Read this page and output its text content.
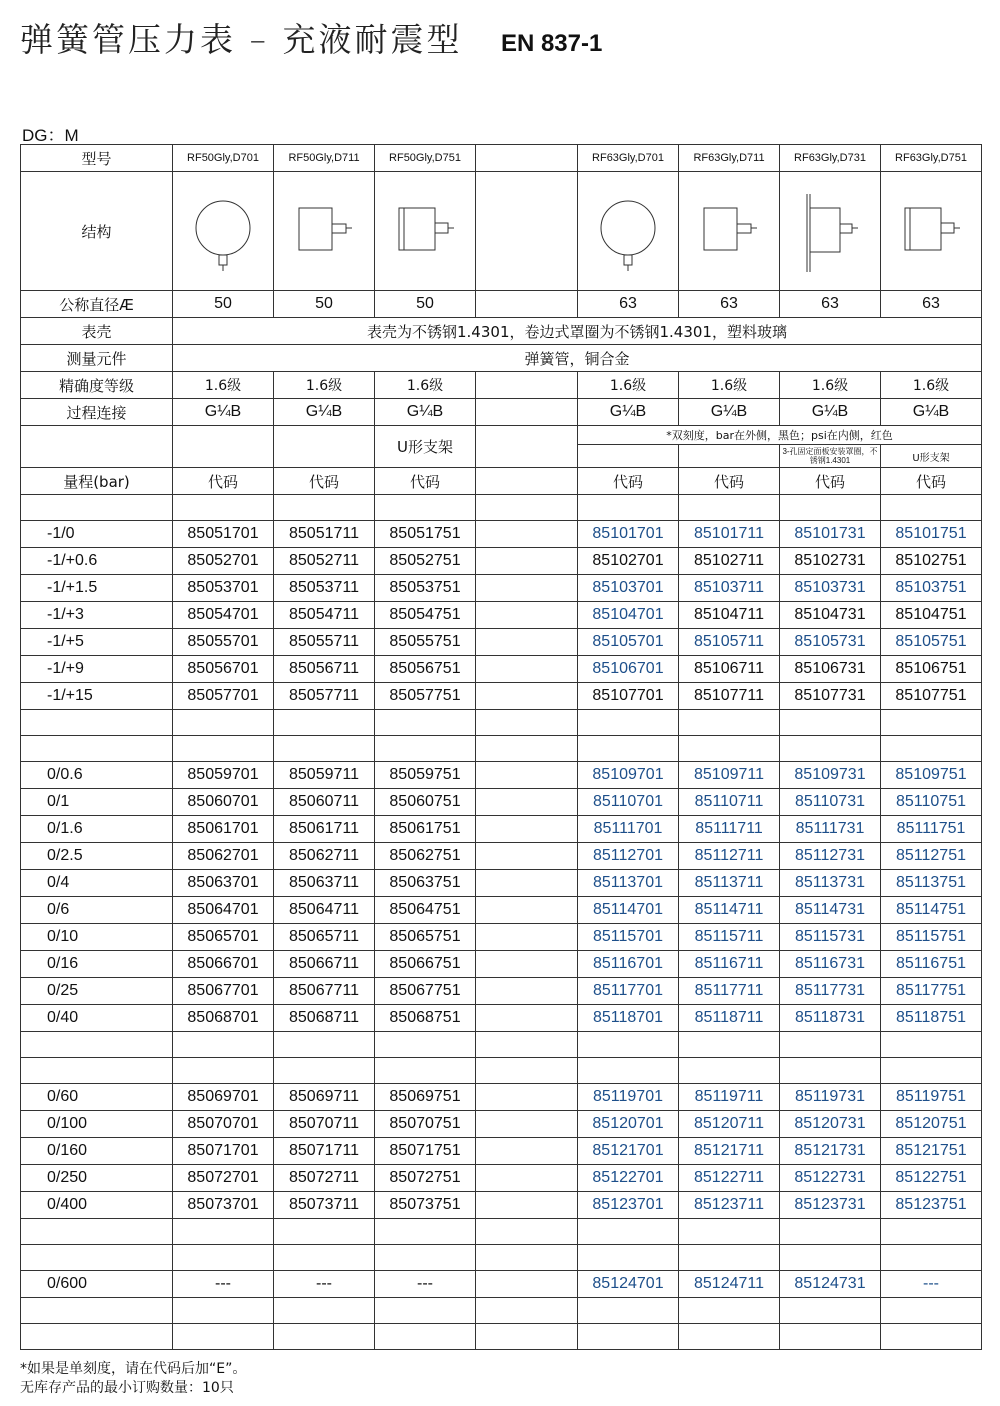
弹簧管压力表 – 充液耐震型 EN 837-1
DG：M
型号	RF50Gly,D701	RF50Gly,D711	RF50Gly,D751		RF63Gly,D701	RF63Gly,D711	RF63Gly,D731	RF63Gly,D751
结构	

公称直径Æ	50	50	50		63	63	63	63
表壳	表壳为不锈钢1.4301，卷边式罩圈为不锈钢1.4301，塑料玻璃							
测量元件	弹簧管，铜合金							
精确度等级	1.6级	1.6级	1.6级		1.6级	1.6级	1.6级	1.6级
过程连接	G¼B	G¼B	G¼B		G¼B	G¼B	G¼B	G¼B
			U形支架		*双刻度，bar在外侧，黑色；psi在内侧，红色			
							3-孔固定面板安装罩圈，不锈钢1.4301	U形支架
量程(bar)	代码	代码	代码		代码	代码	代码	代码

-1/0	85051701	85051711	85051751		85101701	85101711	85101731	85101751
-1/+0.6	85052701	85052711	85052751		85102701	85102711	85102731	85102751
-1/+1.5	85053701	85053711	85053751		85103701	85103711	85103731	85103751
-1/+3	85054701	85054711	85054751		85104701	85104711	85104731	85104751
-1/+5	85055701	85055711	85055751		85105701	85105711	85105731	85105751
-1/+9	85056701	85056711	85056751		85106701	85106711	85106731	85106751
-1/+15	85057701	85057711	85057751		85107701	85107711	85107731	85107751

0/0.6	85059701	85059711	85059751		85109701	85109711	85109731	85109751
0/1	85060701	85060711	85060751		85110701	85110711	85110731	85110751
0/1.6	85061701	85061711	85061751		85111701	85111711	85111731	85111751
0/2.5	85062701	85062711	85062751		85112701	85112711	85112731	85112751
0/4	85063701	85063711	85063751		85113701	85113711	85113731	85113751
0/6	85064701	85064711	85064751		85114701	85114711	85114731	85114751
0/10	85065701	85065711	85065751		85115701	85115711	85115731	85115751
0/16	85066701	85066711	85066751		85116701	85116711	85116731	85116751
0/25	85067701	85067711	85067751		85117701	85117711	85117731	85117751
0/40	85068701	85068711	85068751		85118701	85118711	85118731	85118751

0/60	85069701	85069711	85069751		85119701	85119711	85119731	85119751
0/100	85070701	85070711	85070751		85120701	85120711	85120731	85120751
0/160	85071701	85071711	85071751		85121701	85121711	85121731	85121751
0/250	85072701	85072711	85072751		85122701	85122711	85122731	85122751
0/400	85073701	85073711	85073751		85123701	85123711	85123731	85123751

0/600	---	---	---		85124701	85124711	85124731	---

*如果是单刻度，请在代码后加“E”。
无库存产品的最小订购数量：10只
